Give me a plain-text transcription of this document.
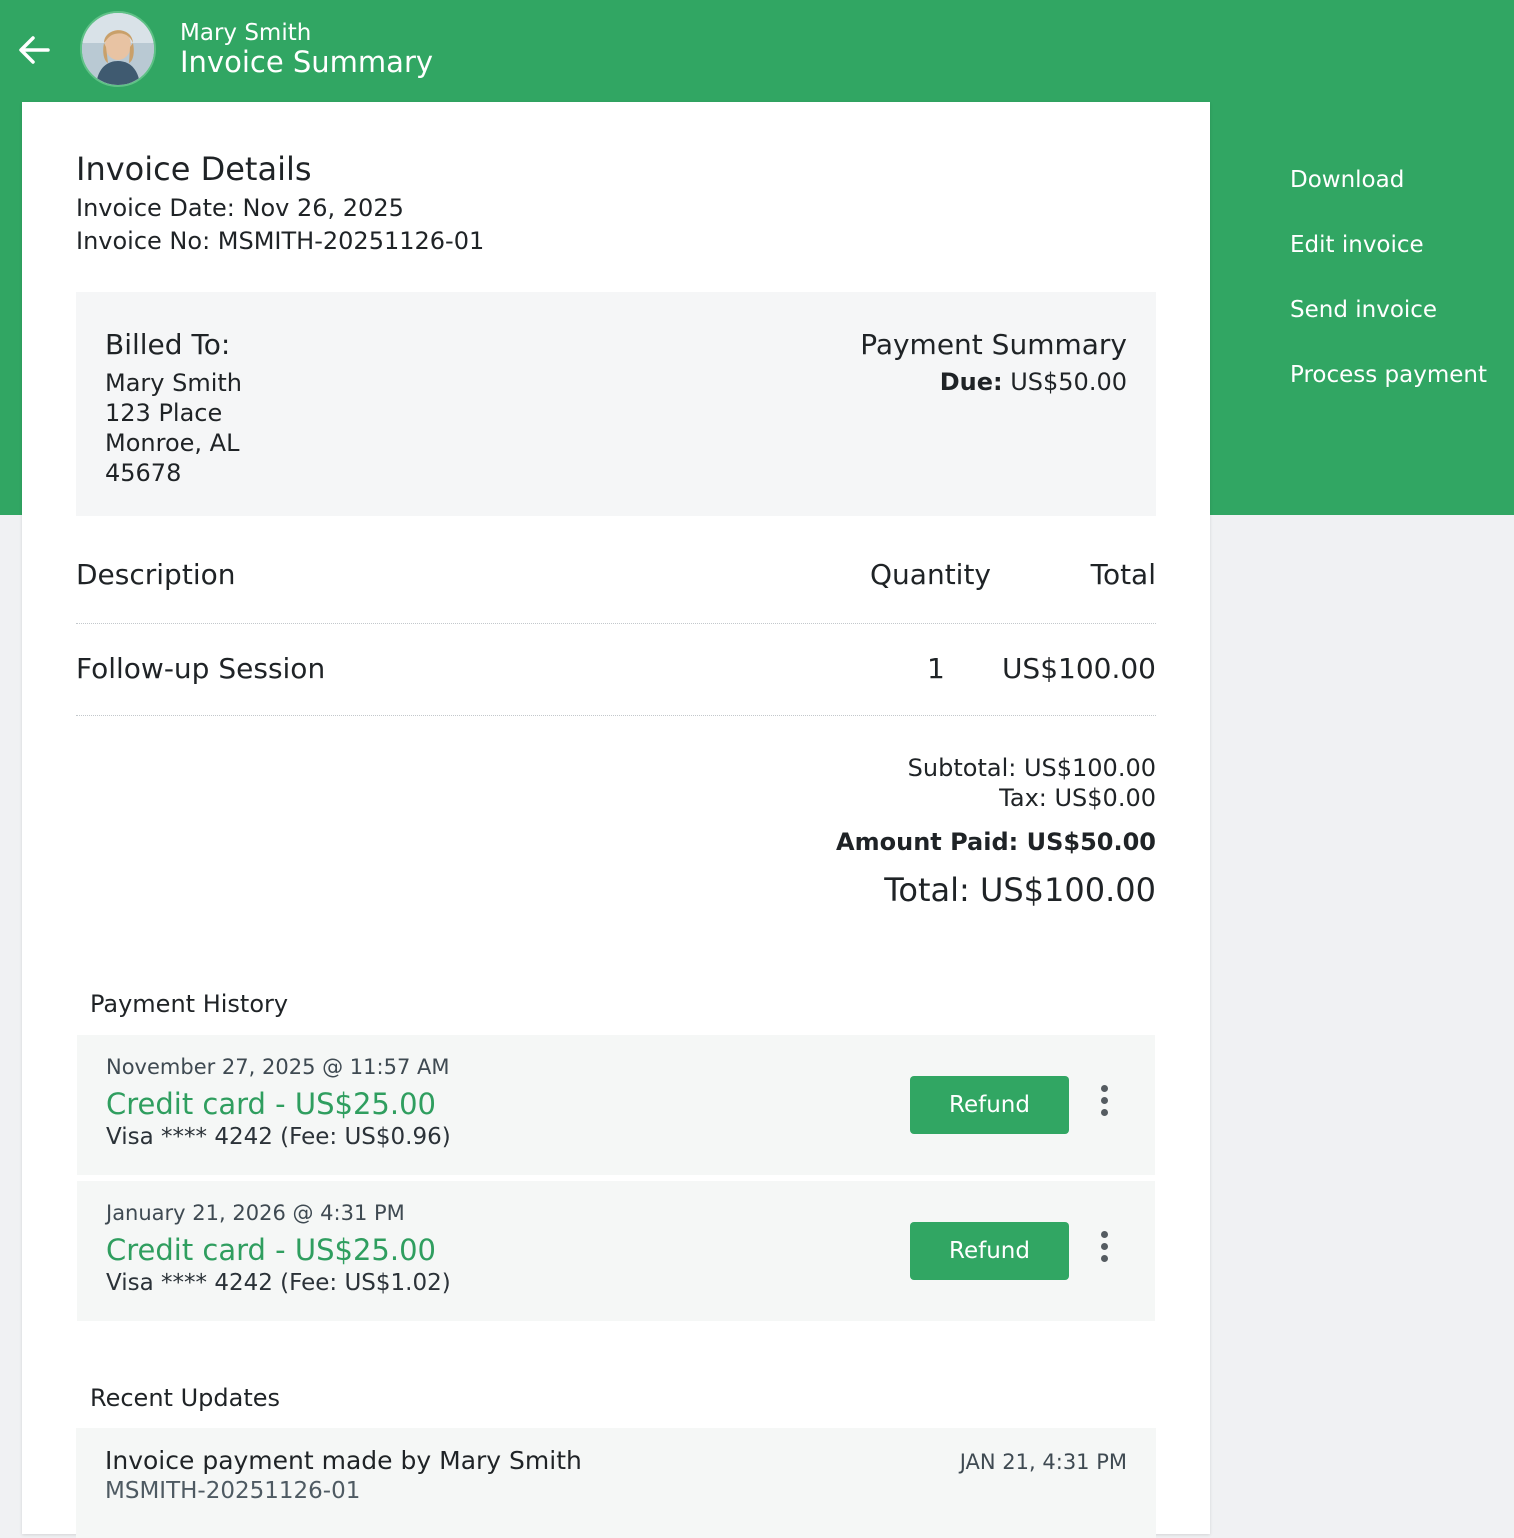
Mary Smith
Invoice Summary
Download
Edit invoice
Send invoice
Process payment
Invoice Details
Invoice Date: Nov 26, 2025
Invoice No: MSMITH-20251126-01
Billed To:
Mary Smith
123 Place
Monroe, AL
45678
Payment Summary
Due: US$50.00
Description	Quantity	Total
Follow-up Session	1 US$100.00
Subtotal: US$100.00
Tax: US$0.00
Amount Paid: US$50.00
Total: US$100.00
Payment History
November 27, 2025 @ 11:57 AM
Credit card - US$25.00
Visa **** 4242 (Fee: US$0.96)
Refund
January 21, 2026 @ 4:31 PM
Credit card - US$25.00
Visa **** 4242 (Fee: US$1.02)
Refund
Recent Updates
Invoice payment made by Mary Smith
MSMITH-20251126-01
JAN 21, 4:31 PM
